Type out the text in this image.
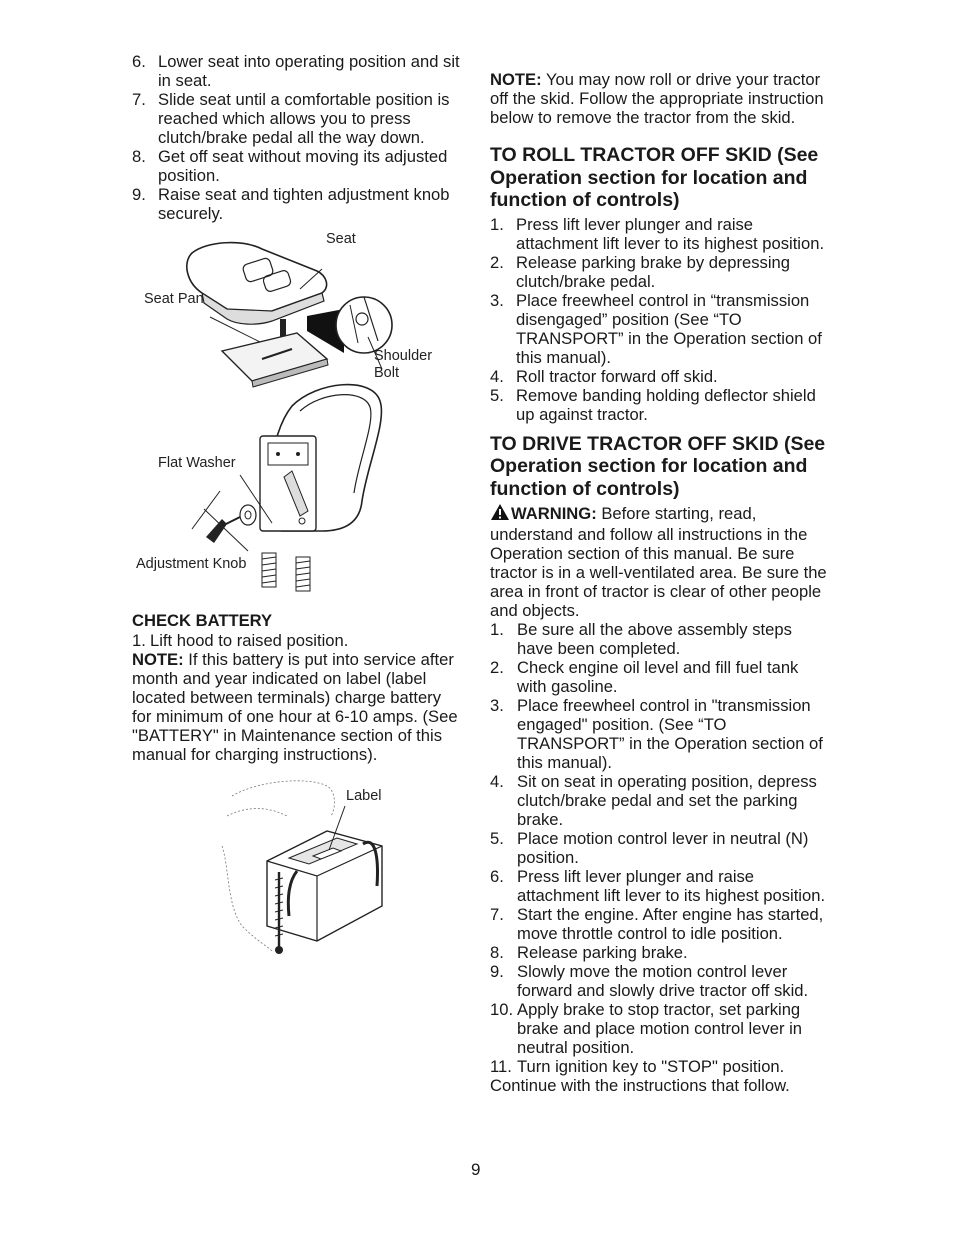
6. Lower seat into operating position and sit in seat.
7. Slide seat until a comfortable position is reached which allows you to press clutch/brake pedal all the way down.
8. Get off seat without moving its adjusted position.
9. Raise seat and tighten adjustment knob securely.
Seat
Seat Pan
Shoulder
Bolt
Flat Washer
Adjustment Knob
CHECK BATTERY
1. Lift hood to raised position.

NOTE: If this battery is put into service after month and year indicated on label (label located between terminals) charge battery for minimum of one hour at 6-10 amps. (See "BATTERY" in Maintenance section of this manual for charging instructions).

Label

NOTE: You may now roll or drive your tractor off the skid. Follow the appropriate instruction below to remove the tractor from the skid.

TO ROLL TRACTOR OFF SKID (See Operation section for location and function of controls)
1. Press lift lever plunger and raise attachment lift lever to its highest position.
2. Release parking brake by depressing clutch/brake pedal.
3. Place freewheel control in “transmission disengaged” position (See “TO TRANSPORT” in the Operation section of this manual).
4. Roll tractor forward off skid.
5. Remove banding holding deflector shield up against tractor.
TO DRIVE TRACTOR OFF SKID (See Operation section for location and function of controls)

WARNING: Before starting, read, understand and follow all instructions in the Operation section of this manual. Be sure tractor is in a well-ventilated area. Be sure the area in front of tractor is clear of other people and objects.

1. Be sure all the above assembly steps have been completed.
2. Check engine oil level and fill fuel tank with gasoline.
3. Place freewheel control in "transmission engaged" position. (See “TO TRANSPORT” in the Operation section of this manual).
4. Sit on seat in operating position, depress clutch/brake pedal and set the parking brake.
5. Place motion control lever in neutral (N) position.
6. Press lift lever plunger and raise attachment lift lever to its highest position.
7. Start the engine. After engine has started, move throttle control to idle position.
8. Release parking brake.
9. Slowly move the motion control lever forward and slowly drive tractor off skid.
10. Apply brake to stop tractor, set parking brake and place motion control lever in neutral position.
11. Turn ignition key to "STOP" position.

Continue with the instructions that follow.

9
